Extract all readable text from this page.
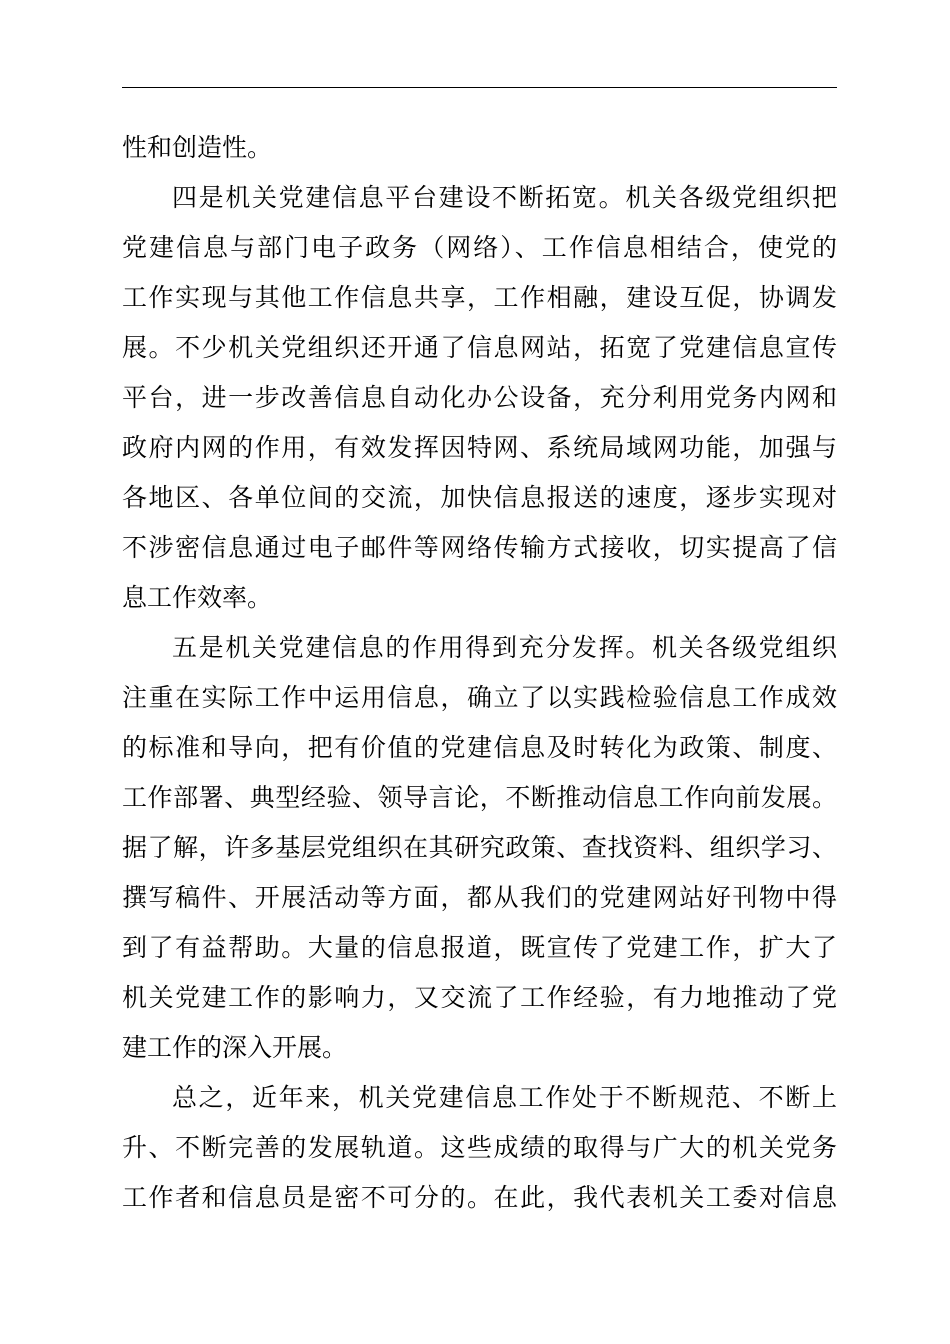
性和创造性。
四是机关党建信息平台建设不断拓宽。机关各级党组织把
党建信息与部门电子政务（网络）、工作信息相结合，使党的
工作实现与其他工作信息共享，工作相融，建设互促，协调发
展。不少机关党组织还开通了信息网站，拓宽了党建信息宣传
平台，进一步改善信息自动化办公设备，充分利用党务内网和
政府内网的作用，有效发挥因特网、系统局域网功能，加强与
各地区、各单位间的交流，加快信息报送的速度，逐步实现对
不涉密信息通过电子邮件等网络传输方式接收，切实提高了信
息工作效率。
五是机关党建信息的作用得到充分发挥。机关各级党组织
注重在实际工作中运用信息，确立了以实践检验信息工作成效
的标准和导向，把有价值的党建信息及时转化为政策、制度、
工作部署、典型经验、领导言论，不断推动信息工作向前发展。
据了解，许多基层党组织在其研究政策、查找资料、组织学习、
撰写稿件、开展活动等方面，都从我们的党建网站好刊物中得
到了有益帮助。大量的信息报道，既宣传了党建工作，扩大了
机关党建工作的影响力，又交流了工作经验，有力地推动了党
建工作的深入开展。
总之，近年来，机关党建信息工作处于不断规范、不断上
升、不断完善的发展轨道。这些成绩的取得与广大的机关党务
工作者和信息员是密不可分的。在此，我代表机关工委对信息
